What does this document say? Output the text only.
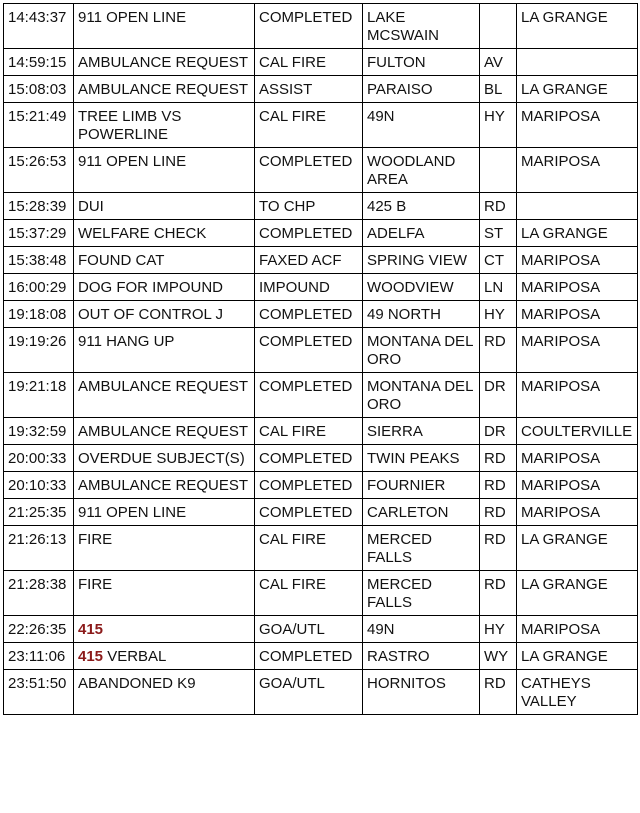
14:43:37	911 OPEN LINE	COMPLETED	LAKE MCSWAIN		LA GRANGE
14:59:15	AMBULANCE REQUEST	CAL FIRE	FULTON	AV	
15:08:03	AMBULANCE REQUEST	ASSIST	PARAISO	BL	LA GRANGE
15:21:49	TREE LIMB VS POWERLINE	CAL FIRE	49N	HY	MARIPOSA
15:26:53	911 OPEN LINE	COMPLETED	WOODLAND AREA		MARIPOSA
15:28:39	DUI	TO CHP	425 B	RD	
15:37:29	WELFARE CHECK	COMPLETED	ADELFA	ST	LA GRANGE
15:38:48	FOUND CAT	FAXED ACF	SPRING VIEW	CT	MARIPOSA
16:00:29	DOG FOR IMPOUND	IMPOUND	WOODVIEW	LN	MARIPOSA
19:18:08	OUT OF CONTROL J	COMPLETED	49 NORTH	HY	MARIPOSA
19:19:26	911 HANG UP	COMPLETED	MONTANA DEL ORO	RD	MARIPOSA
19:21:18	AMBULANCE REQUEST	COMPLETED	MONTANA DEL ORO	DR	MARIPOSA
19:32:59	AMBULANCE REQUEST	CAL FIRE	SIERRA	DR	COULTERVILLE
20:00:33	OVERDUE SUBJECT(S)	COMPLETED	TWIN PEAKS	RD	MARIPOSA
20:10:33	AMBULANCE REQUEST	COMPLETED	FOURNIER	RD	MARIPOSA
21:25:35	911 OPEN LINE	COMPLETED	CARLETON	RD	MARIPOSA
21:26:13	FIRE	CAL FIRE	MERCED FALLS	RD	LA GRANGE
21:28:38	FIRE	CAL FIRE	MERCED FALLS	RD	LA GRANGE
22:26:35	415	GOA/UTL	49N	HY	MARIPOSA
23:11:06	415 VERBAL	COMPLETED	RASTRO	WY	LA GRANGE
23:51:50	ABANDONED K9	GOA/UTL	HORNITOS	RD	CATHEYS VALLEY
